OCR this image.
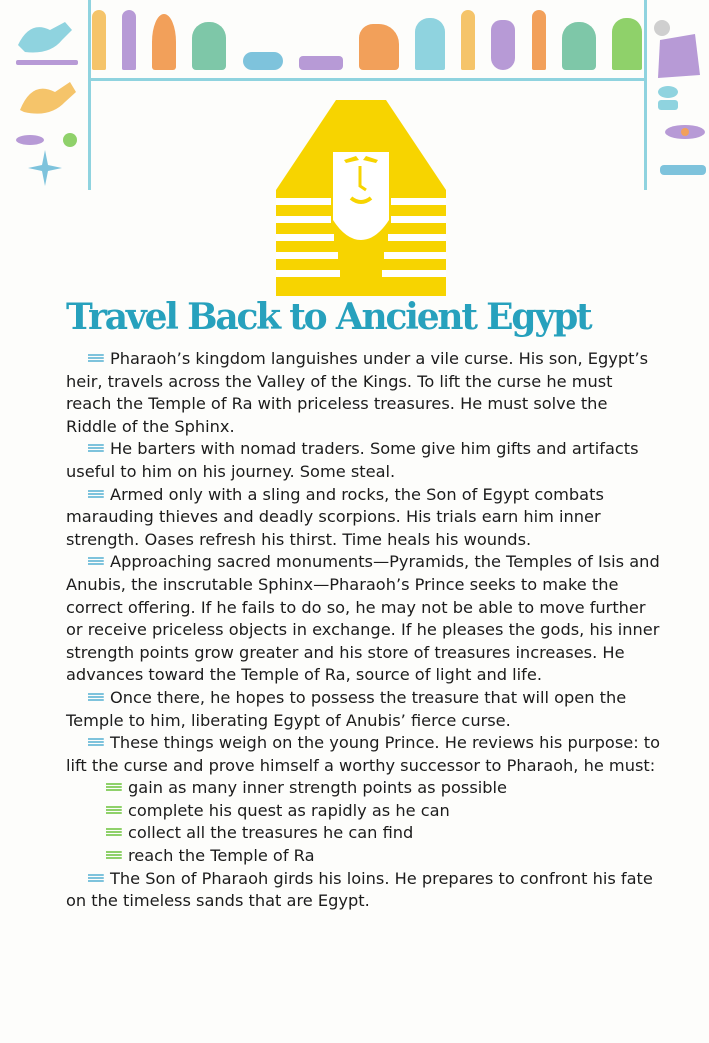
Travel Back to Ancient Egypt

Pharaoh’s kingdom languishes under a vile curse. His son, Egypt’s heir, travels across the Valley of the Kings. To lift the curse he must reach the Temple of Ra with priceless treasures. He must solve the Riddle of the Sphinx.

He barters with nomad traders. Some give him gifts and artifacts useful to him on his journey. Some steal.

Armed only with a sling and rocks, the Son of Egypt combats marauding thieves and deadly scorpions. His trials earn him inner strength. Oases refresh his thirst. Time heals his wounds.

Approaching sacred monuments—Pyramids, the Temples of Isis and Anubis, the inscrutable Sphinx—Pharaoh’s Prince seeks to make the correct offering. If he fails to do so, he may not be able to move further or receive priceless objects in exchange. If he pleases the gods, his inner strength points grow greater and his store of treasures increases. He advances toward the Temple of Ra, source of light and life.

Once there, he hopes to possess the treasure that will open the Temple to him, liberating Egypt of Anubis’ fierce curse.

These things weigh on the young Prince. He reviews his purpose: to lift the curse and prove himself a worthy successor to Pharaoh, he must:

gain as many inner strength points as possible
complete his quest as rapidly as he can
collect all the treasures he can find
reach the Temple of Ra

The Son of Pharaoh girds his loins. He prepares to confront his fate on the timeless sands that are Egypt.
